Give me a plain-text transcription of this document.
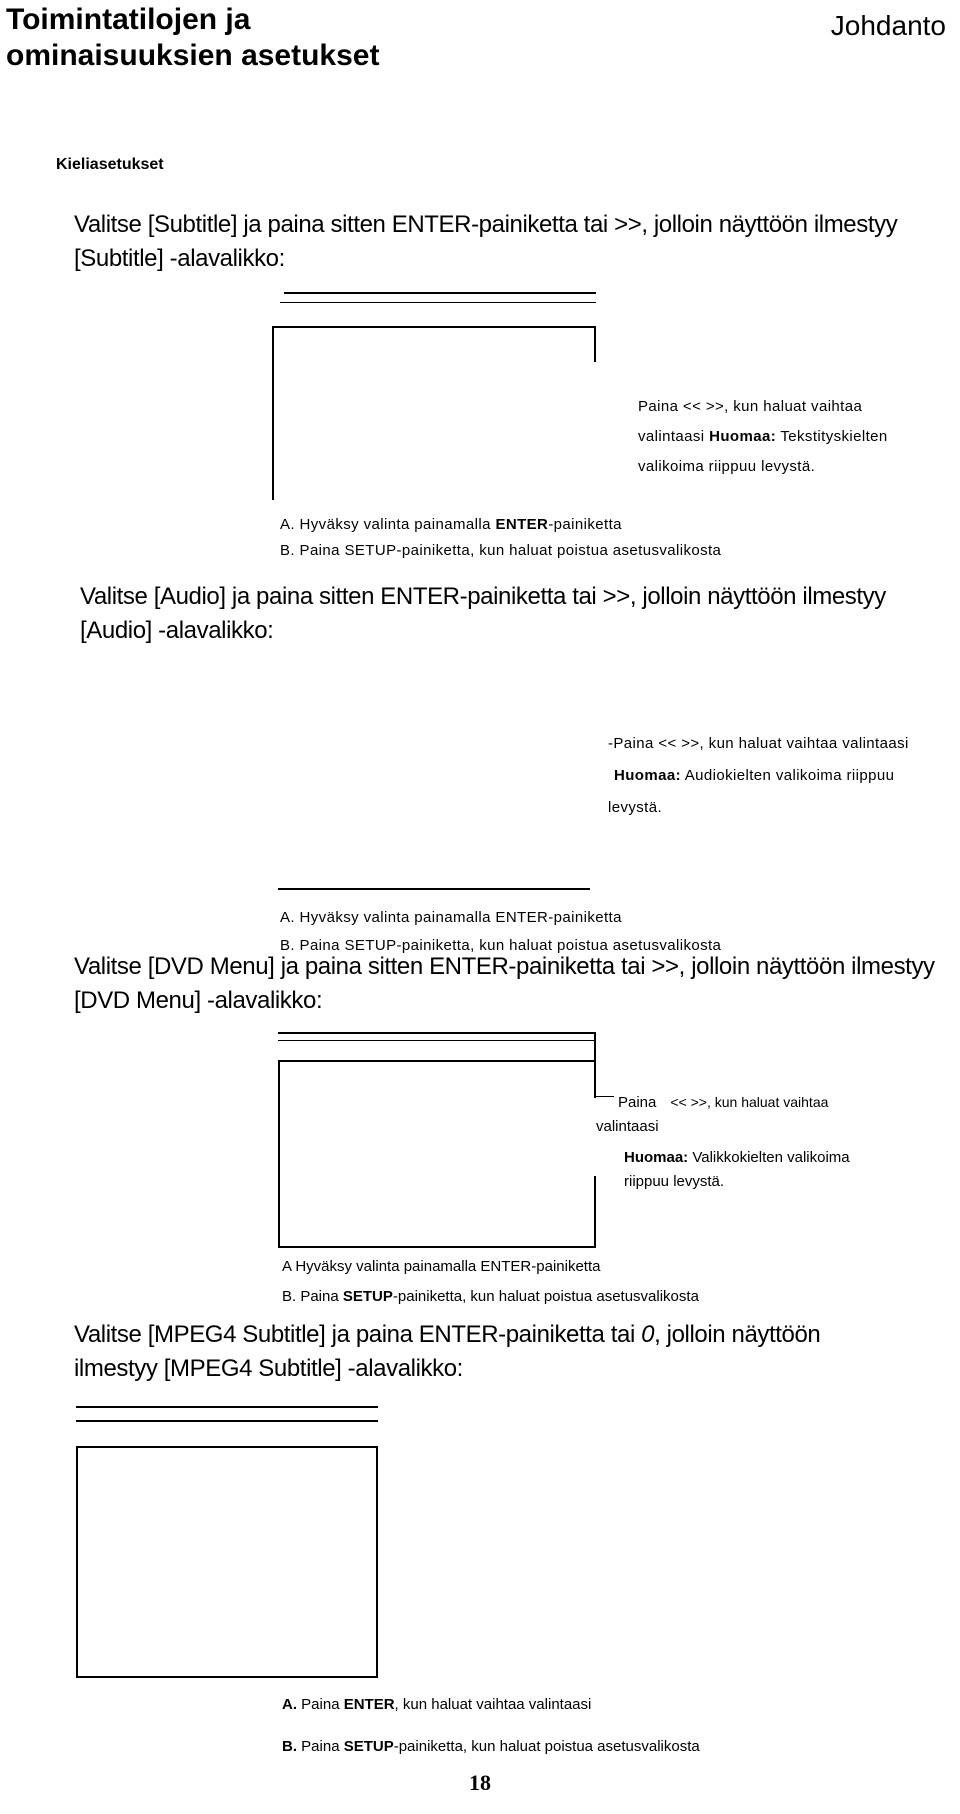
Toimintatilojen ja
ominaisuuksien asetukset
Johdanto
Kieliasetukset
Valitse [Subtitle] ja paina sitten ENTER-painiketta tai >>, jolloin näyttöön ilmestyy
[Subtitle] -alavalikko:
Paina << >>, kun haluat vaihtaa
valintaasi Huomaa: Tekstityskielten
valikoima riippuu levystä.
A. Hyväksy valinta painamalla ENTER-painiketta
B. Paina SETUP-painiketta, kun haluat poistua asetusvalikosta
Valitse [Audio] ja paina sitten ENTER-painiketta tai >>, jolloin näyttöön ilmestyy
[Audio] -alavalikko:
-Paina << >>, kun haluat vaihtaa valintaasi
Huomaa: Audiokielten valikoima riippuu
levystä.
A. Hyväksy valinta painamalla ENTER-painiketta
B. Paina SETUP-painiketta, kun haluat poistua asetusvalikosta
Valitse [DVD Menu] ja paina sitten ENTER-painiketta tai >>, jolloin näyttöön ilmestyy
[DVD Menu] -alavalikko:
Paina << >>, kun haluat vaihtaa
valintaasi
Huomaa: Valikkokielten valikoima
riippuu levystä.
A Hyväksy valinta painamalla ENTER-painiketta
B. Paina SETUP-painiketta, kun haluat poistua asetusvalikosta
Valitse [MPEG4 Subtitle] ja paina ENTER-painiketta tai 0, jolloin näyttöön
ilmestyy [MPEG4 Subtitle] -alavalikko:
A. Paina ENTER, kun haluat vaihtaa valintaasi
B. Paina SETUP-painiketta, kun haluat poistua asetusvalikosta
18
